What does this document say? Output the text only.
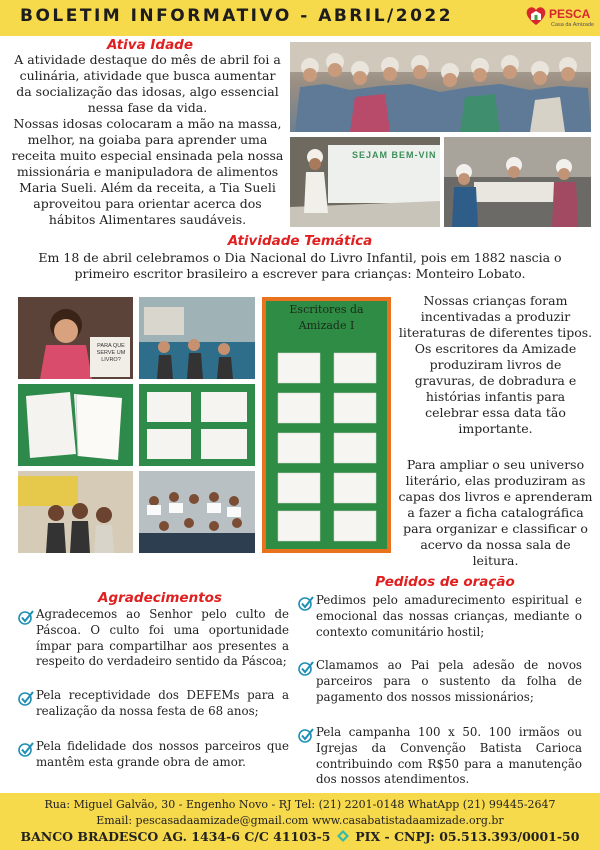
BOLETIM INFORMATIVO - ABRIL/2022	PESCA
Casa da Amizade
Ativa Idade
A atividade destaque do mês de abril foi a culinária, atividade que busca aumentar da socialização das idosas, algo essencial nessa fase da vida.
Nossas idosas colocaram a mão na massa, melhor, na goiaba para aprender uma receita muito especial ensinada pela nossa missionária e manipuladora de alimentos Maria Sueli. Além da receita, a Tia Sueli aproveitou para orientar acerca dos hábitos Alimentares saudáveis.
SEJAM BEM-VIN
Atividade Temática
Em 18 de abril celebramos o Dia Nacional do Livro Infantil, pois em 1882 nascia o primeiro escritor brasileiro a escrever para crianças: Monteiro Lobato.
PARA QUE SERVE UM LIVRO?
Escritores da
Amizade I
Nossas crianças foram incentivadas a produzir literaturas de diferentes tipos. Os escritores da Amizade produziram livros de gravuras, de dobradura e histórias infantis para celebrar essa data tão importante.
Para ampliar o seu universo literário, elas produziram as capas dos livros e aprenderam a fazer a ficha catalográfica para organizar e classificar o acervo da nossa sala de leitura.
Pedidos de oração
Agradecimentos
Agradecemos ao Senhor pelo culto de Páscoa. O culto foi uma oportunidade ímpar para compartilhar aos presentes a respeito do verdadeiro sentido da Páscoa;
Pela receptividade dos DEFEMs para a realização da nossa festa de 68 anos;
Pela fidelidade dos nossos parceiros que mantêm esta grande obra de amor.
Pedimos pelo amadurecimento espiritual e emocional das nossas crianças, mediante o contexto comunitário hostil;
Clamamos ao Pai pela adesão de novos parceiros para o sustento da folha de pagamento dos nossos missionários;
Pela campanha 100 x 50. 100 irmãos ou Igrejas da Convenção Batista Carioca contribuindo com R$50 para a manutenção dos nossos atendimentos.
Rua: Miguel Galvão, 30 - Engenho Novo - RJ Tel: (21) 2201-0148 WhatApp (21) 99445-2647
Email: pescasadaamizade@gmail.com www.casabatistadaamizade.org.br
BANCO BRADESCO AG. 1434-6 C/C 41103-5 PIX - CNPJ: 05.513.393/0001-50
